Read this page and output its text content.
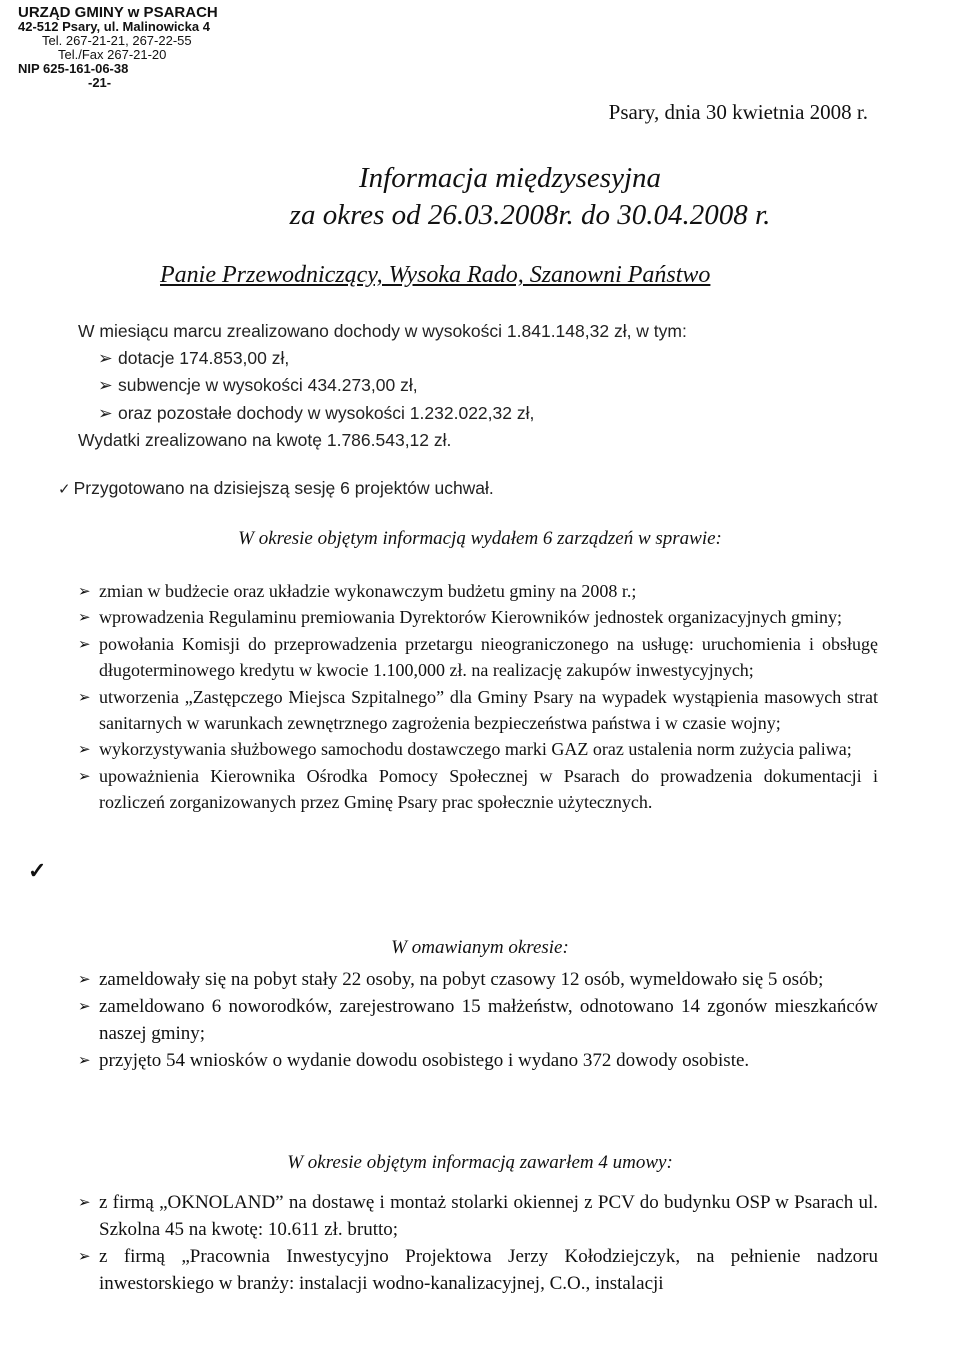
URZĄD GMINY w PSARACH
42-512 Psary, ul. Malinowicka 4
Tel. 267-21-21, 267-22-55
Tel./Fax 267-21-20
NIP 625-161-06-38
-21-
Psary, dnia 30 kwietnia 2008 r.
Informacja międzysesyjna
za okres od 26.03.2008r. do 30.04.2008 r.
Panie Przewodniczący, Wysoka Rado, Szanowni Państwo
W miesiącu marcu zrealizowano dochody w wysokości 1.841.148,32 zł, w tym:
➢ dotacje 174.853,00 zł,
➢ subwencje w wysokości 434.273,00 zł,
➢ oraz pozostałe dochody w wysokości 1.232.022,32 zł,
Wydatki zrealizowano na kwotę 1.786.543,12 zł.
✓ Przygotowano na dzisiejszą sesję 6 projektów uchwał.
W okresie objętym informacją wydałem 6 zarządzeń w sprawie:
➢ zmian w budżecie oraz układzie wykonawczym budżetu gminy na 2008 r.;
➢ wprowadzenia Regulaminu premiowania Dyrektorów Kierowników jednostek organizacyjnych gminy;
➢ powołania Komisji do przeprowadzenia przetargu nieograniczonego na usługę: uruchomienia i obsługę długoterminowego kredytu w kwocie 1.100,000 zł. na realizację zakupów inwestycyjnych;
➢ utworzenia „Zastępczego Miejsca Szpitalnego” dla Gminy Psary na wypadek wystąpienia masowych strat sanitarnych w warunkach zewnętrznego zagrożenia bezpieczeństwa państwa i w czasie wojny;
➢ wykorzystywania służbowego samochodu dostawczego marki GAZ oraz ustalenia norm zużycia paliwa;
➢ upoważnienia Kierownika Ośrodka Pomocy Społecznej w Psarach do prowadzenia dokumentacji i rozliczeń zorganizowanych przez Gminę Psary prac społecznie użytecznych.
✓
W omawianym okresie:
➢ zameldowały się na pobyt stały 22 osoby, na pobyt czasowy 12 osób, wymeldowało się 5 osób;
➢ zameldowano 6 noworodków, zarejestrowano 15 małżeństw, odnotowano 14 zgonów mieszkańców naszej gminy;
➢ przyjęto 54 wniosków o wydanie dowodu osobistego i wydano 372 dowody osobiste.
W okresie objętym informacją zawarłem 4 umowy:
➢ z firmą „OKNOLAND” na dostawę i montaż stolarki okiennej z PCV do budynku OSP w Psarach ul. Szkolna 45 na kwotę: 10.611 zł. brutto;
➢ z firmą „Pracownia Inwestycyjno Projektowa Jerzy Kołodziejczyk, na pełnienie nadzoru inwestorskiego w branży: instalacji wodno-kanalizacyjnej, C.O., instalacji
